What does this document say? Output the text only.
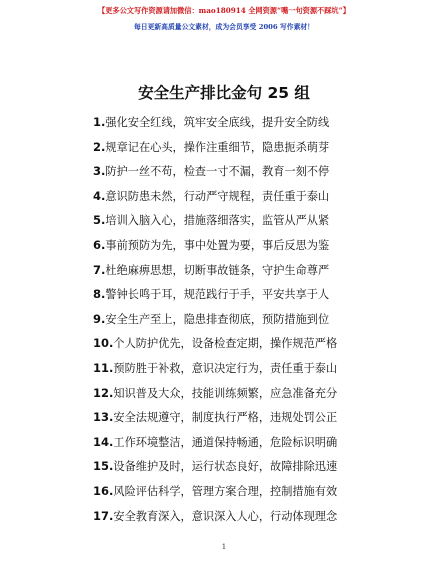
【更多公文写作资源请加微信：mao180914 全网资源“嘴一句资源不踩坑”】
每日更新高质量公文素材，成为会员享受 2006 写作素材！
安全生产排比金句 25 组
1.强化安全红线，筑牢安全底线，提升安全防线
2.规章记在心头，操作注重细节，隐患扼杀萌芽
3.防护一丝不苟，检查一寸不漏，教育一刻不停
4.意识防患未然，行动严守规程，责任重于泰山
5.培训入脑入心，措施落细落实，监管从严从紧
6.事前预防为先，事中处置为要，事后反思为鉴
7.杜绝麻痹思想，切断事故链条，守护生命尊严
8.警钟长鸣于耳，规范践行于手，平安共享于人
9.安全生产至上，隐患排查彻底，预防措施到位
10.个人防护优先，设备检查定期，操作规范严格
11.预防胜于补救，意识决定行为，责任重于泰山
12.知识普及大众，技能训练频繁，应急准备充分
13.安全法规遵守，制度执行严格，违规处罚公正
14.工作环境整洁，通道保持畅通，危险标识明确
15.设备维护及时，运行状态良好，故障排除迅速
16.风险评估科学，管理方案合理，控制措施有效
17.安全教育深入，意识深入人心，行动体现理念
1
